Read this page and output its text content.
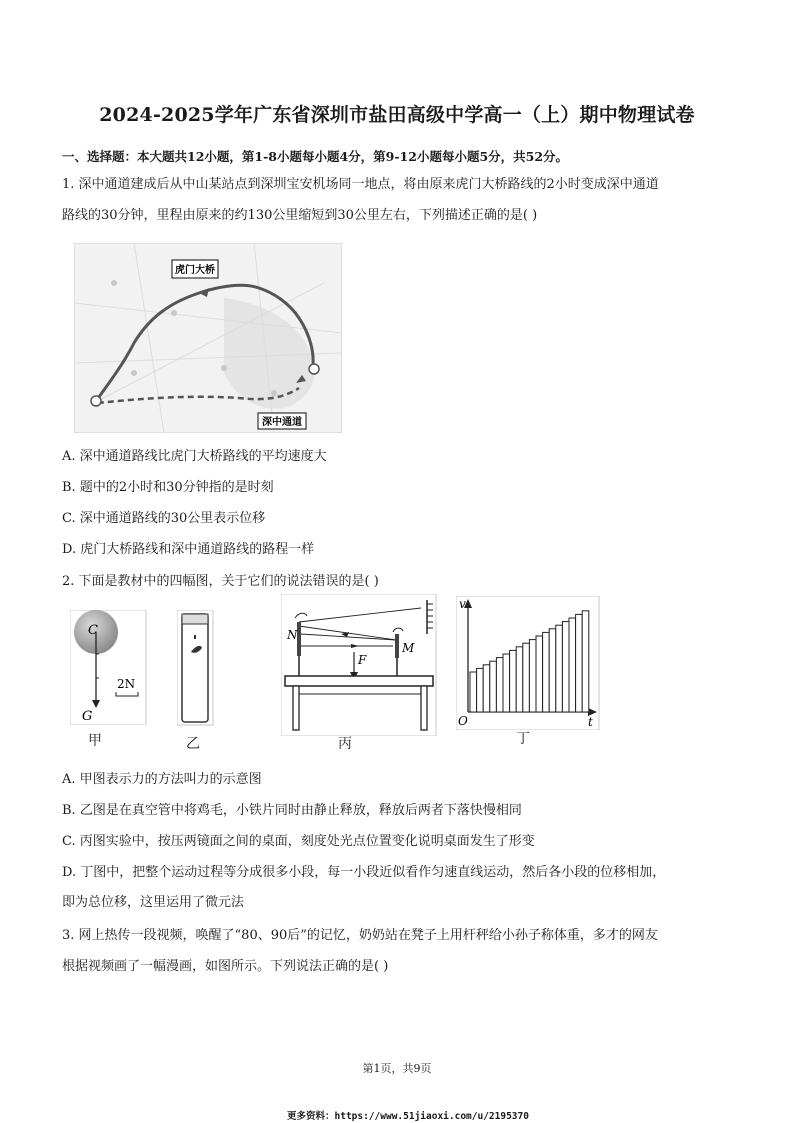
2024-2025学年广东省深圳市盐田高级中学高一（上）期中物理试卷
一、选择题：本大题共12小题，第1-8小题每小题4分，第9-12小题每小题5分，共52分。
1. 深中通道建成后从中山某站点到深圳宝安机场同一地点，将由原来虎门大桥路线的2小时变成深中通道
路线的30分钟，里程由原来的约130公里缩短到30公里左右，下列描述正确的是( )
虎门大桥
深中通道
A. 深中通道路线比虎门大桥路线的平均速度大
B. 题中的2小时和30分钟指的是时刻
C. 深中通道路线的30公里表示位移
D. 虎门大桥路线和深中通道路线的路程一样
2. 下面是教材中的四幅图，关于它们的说法错误的是( )
C
G
2N
甲	乙
N
M
F
丙
v
t
O
丁
A. 甲图表示力的方法叫力的示意图
B. 乙图是在真空管中将鸡毛，小铁片同时由静止释放，释放后两者下落快慢相同
C. 丙图实验中，按压两镜面之间的桌面，刻度处光点位置变化说明桌面发生了形变
D. 丁图中，把整个运动过程等分成很多小段，每一小段近似看作匀速直线运动，然后各小段的位移相加，
即为总位移，这里运用了微元法
3. 网上热传一段视频，唤醒了“80、90后”的记忆，奶奶站在凳子上用杆秤给小孙子称体重，多才的网友
根据视频画了一幅漫画，如图所示。下列说法正确的是( )
第1页，共9页
更多资料：https://www.51jiaoxi.com/u/2195370
